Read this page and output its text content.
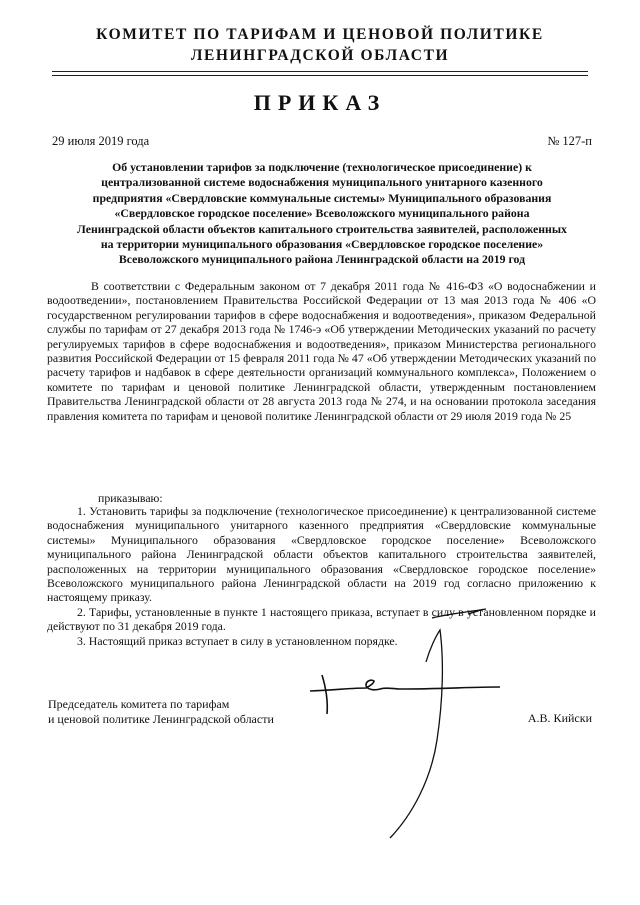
КОМИТЕТ ПО ТАРИФАМ И ЦЕНОВОЙ ПОЛИТИКЕ
ЛЕНИНГРАДСКОЙ ОБЛАСТИ
ПРИКАЗ
29 июля 2019 года	№ 127-п
Об установлении тарифов за подключение (технологическое присоединение) к
централизованной системе водоснабжения муниципального унитарного казенного
предприятия «Свердловские коммунальные системы» Муниципального образования
«Свердловское городское поселение» Всеволожского муниципального района
Ленинградской области объектов капитального строительства заявителей, расположенных
на территории муниципального образования «Свердловское городское поселение»
Всеволожского муниципального района Ленинградской области на 2019 год
В соответствии с Федеральным законом от 7 декабря 2011 года № 416-ФЗ «О водоснабжении и водоотведении», постановлением Правительства Российской Федерации от 13 мая 2013 года № 406 «О государственном регулировании тарифов в сфере водоснабжения и водоотведения», приказом Федеральной службы по тарифам от 27 декабря 2013 года № 1746-э «Об утверждении Методических указаний по расчету регулируемых тарифов в сфере водоснабжения и водоотведения», приказом Министерства регионального развития Российской Федерации от 15 февраля 2011 года № 47 «Об утверждении Методических указаний по расчету тарифов и надбавок в сфере деятельности организаций коммунального комплекса», Положением о комитете по тарифам и ценовой политике Ленинградской области, утвержденным постановлением Правительства Ленинградской области от 28 августа 2013 года № 274, и на основании протокола заседания правления комитета по тарифам и ценовой политике Ленинградской области от 29 июля 2019 года № 25
приказываю:

1. Установить тарифы за подключение (технологическое присоединение) к централизованной системе водоснабжения муниципального унитарного казенного предприятия «Свердловские коммунальные системы» Муниципального образования «Свердловское городское поселение» Всеволожского муниципального района Ленинградской области объектов капитального строительства заявителей, расположенных на территории муниципального образования «Свердловское городское поселение» Всеволожского муниципального района Ленинградской области на 2019 год согласно приложению к настоящему приказу.

2. Тарифы, установленные в пункте 1 настоящего приказа, вступает в силу в установленном порядке и действуют по 31 декабря 2019 года.

3. Настоящий приказ вступает в силу в установленном порядке.

Председатель комитета по тарифам
и ценовой политике Ленинградской области	А.В. Кийски
